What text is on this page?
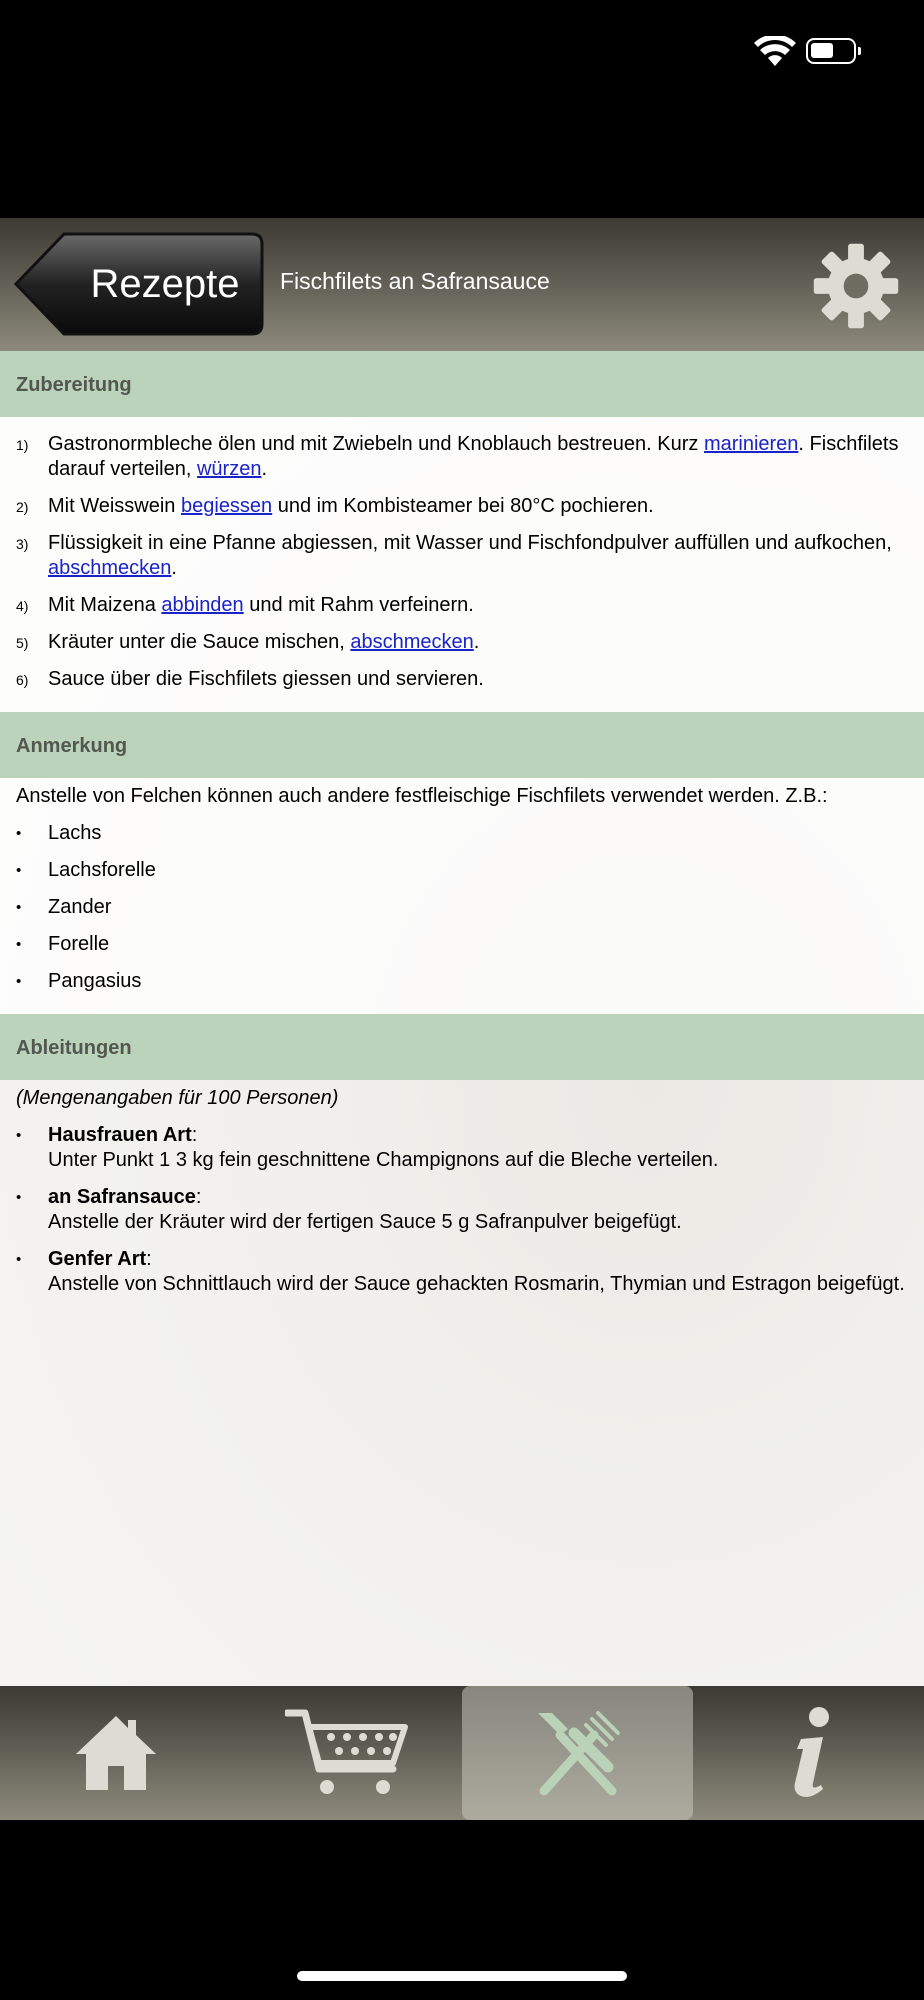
Rezepte	Fischfilets an Safransauce
Zubereitung
1) Gastronormbleche ölen und mit Zwiebeln und Knoblauch bestreuen. Kurz marinieren. Fischfilets darauf verteilen, würzen.
2) Mit Weisswein begiessen und im Kombisteamer bei 80°C pochieren.
3) Flüssigkeit in eine Pfanne abgiessen, mit Wasser und Fischfondpulver auffüllen und aufkochen, abschmecken.
4) Mit Maizena abbinden und mit Rahm verfeinern.
5) Kräuter unter die Sauce mischen, abschmecken.
6) Sauce über die Fischfilets giessen und servieren.
Anmerkung
Anstelle von Felchen können auch andere festfleischige Fischfilets verwendet werden. Z.B.:
• Lachs
• Lachsforelle
• Zander
• Forelle
• Pangasius
Ableitungen
(Mengenangaben für 100 Personen)
• Hausfrauen Art:
Unter Punkt 1 3 kg fein geschnittene Champignons auf die Bleche verteilen.
• an Safransauce:
Anstelle der Kräuter wird der fertigen Sauce 5 g Safranpulver beigefügt.
• Genfer Art:
Anstelle von Schnittlauch wird der Sauce gehackten Rosmarin, Thymian und Estragon beigefügt.
